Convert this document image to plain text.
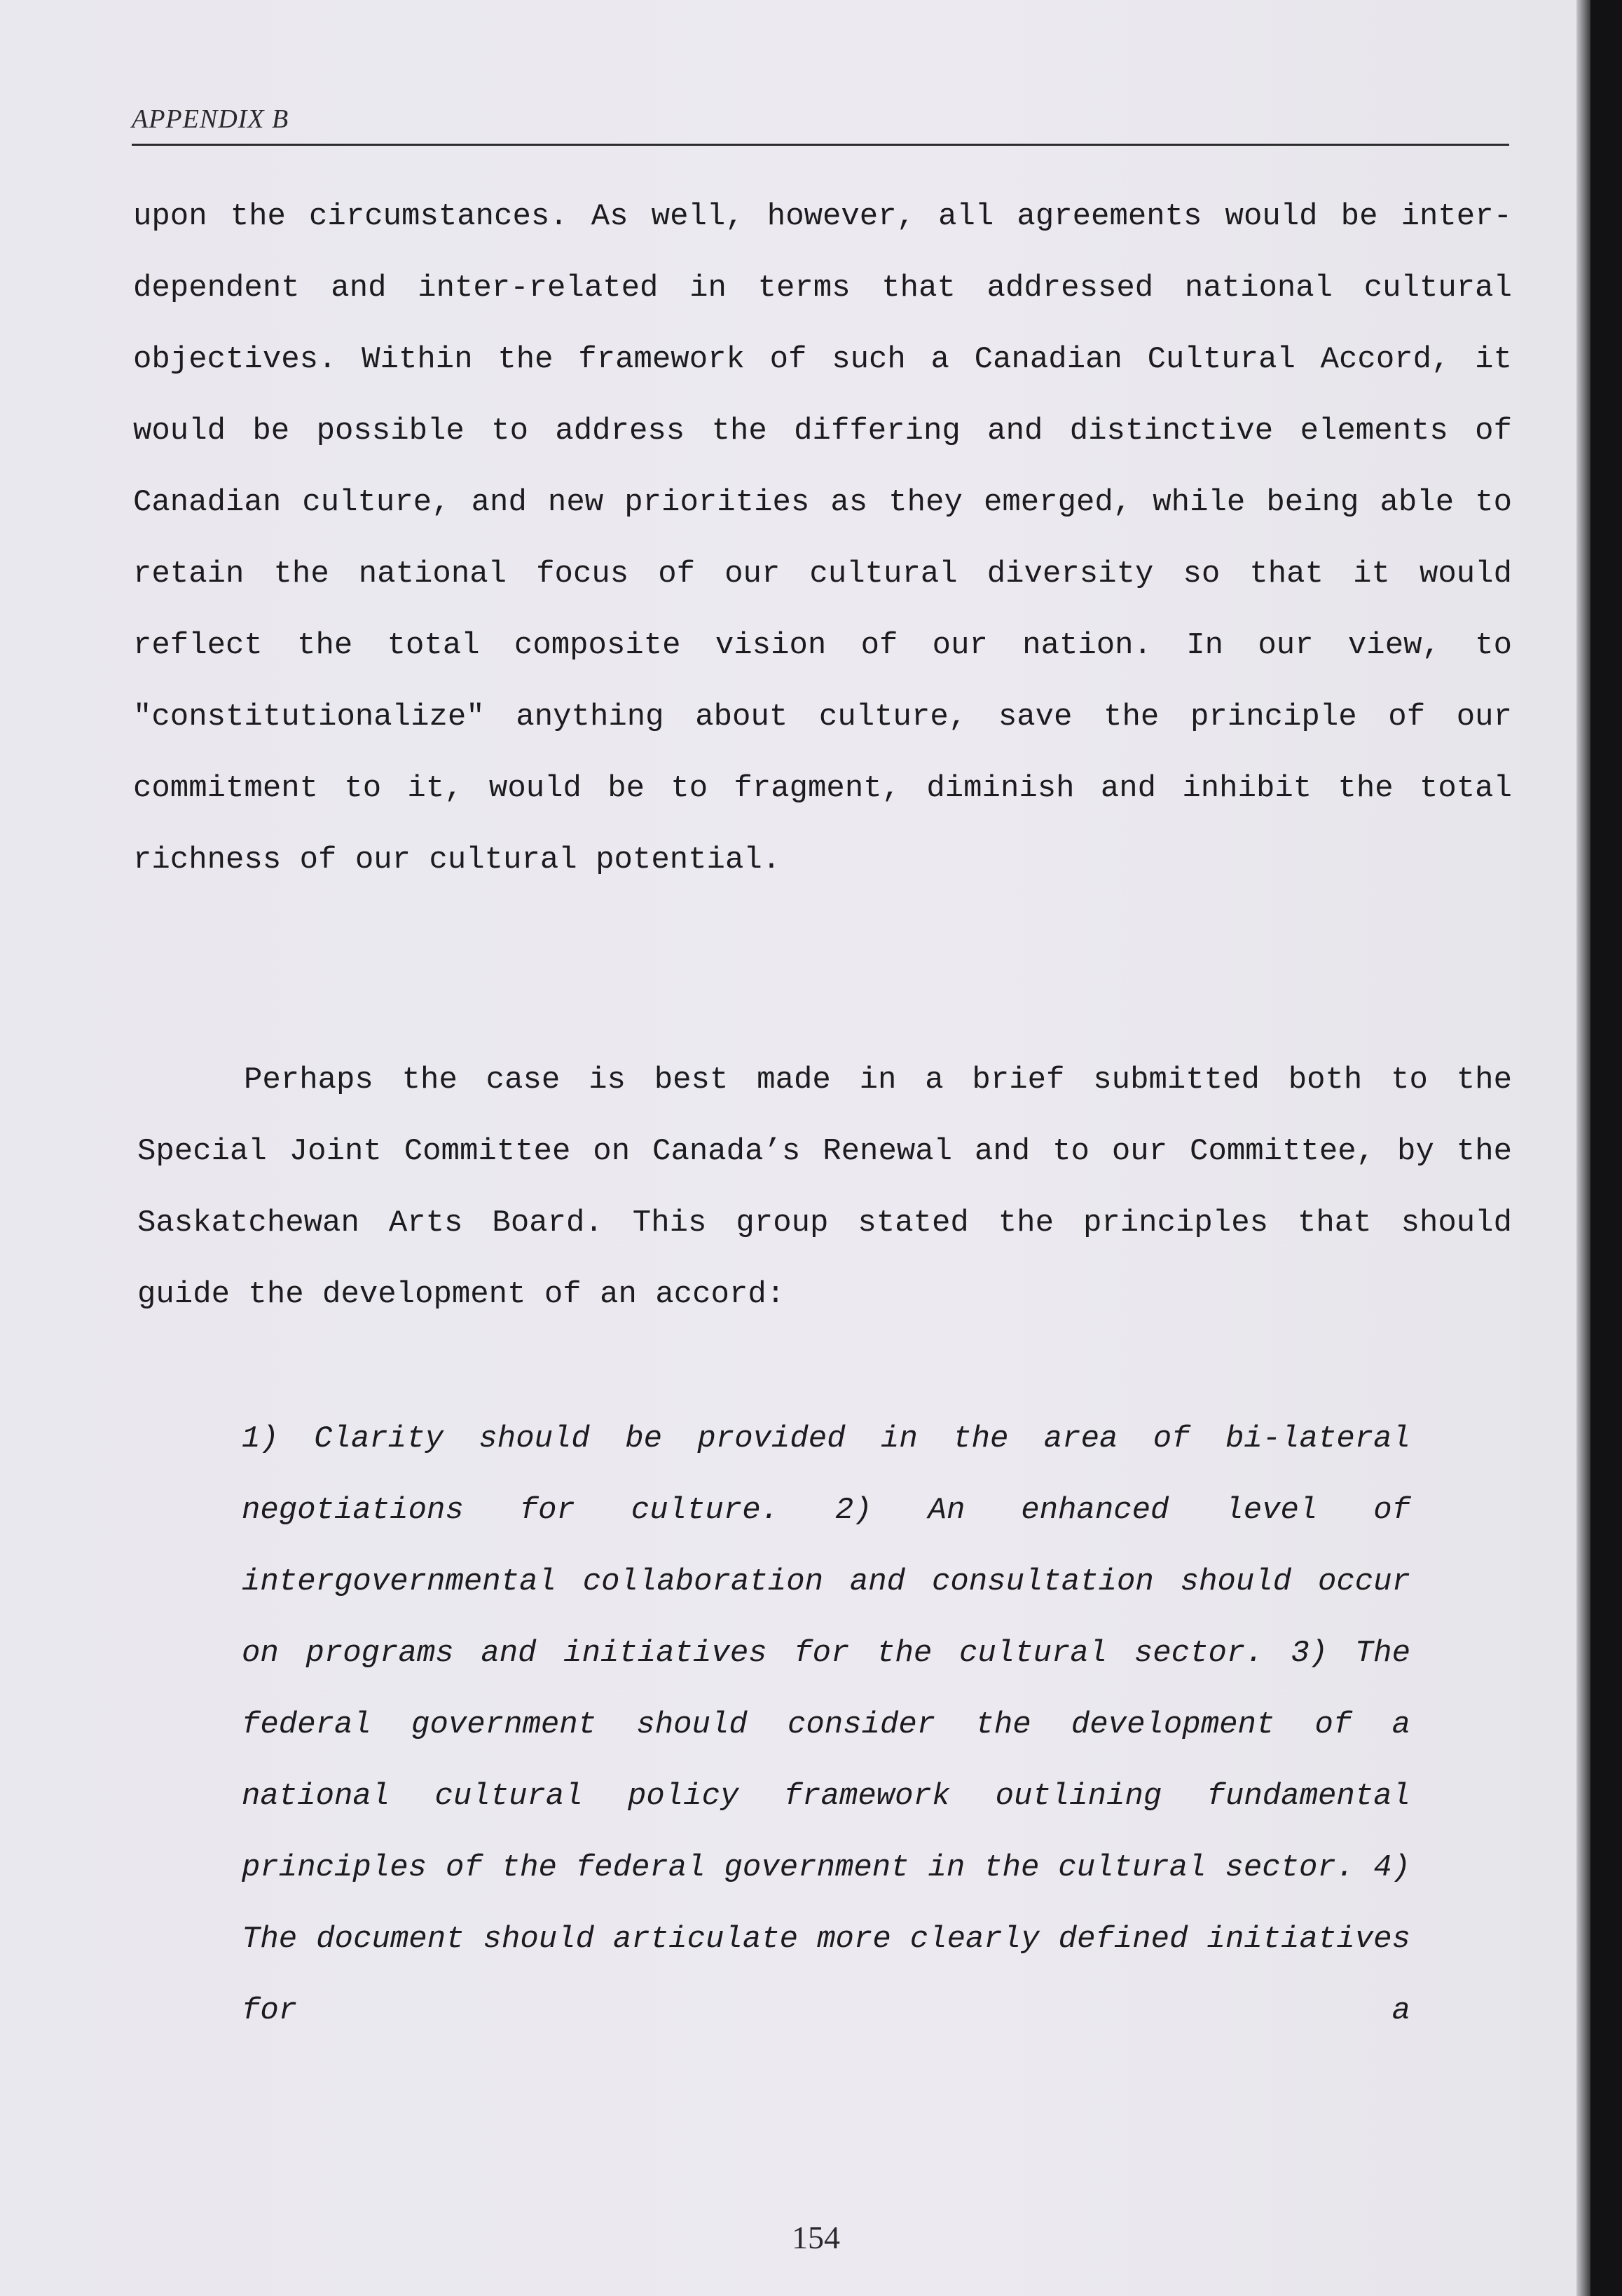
APPENDIX B

upon the circumstances. As well, however, all agreements would be inter-dependent and inter-related in terms that addressed national cultural objectives. Within the framework of such a Canadian Cultural Accord, it would be possible to address the differing and distinctive elements of Canadian culture, and new priorities as they emerged, while being able to retain the national focus of our cultural diversity so that it would reflect the total composite vision of our nation. In our view, to "constitutionalize" anything about culture, save the principle of our commitment to it, would be to fragment, diminish and inhibit the total richness of our cultural potential.

Perhaps the case is best made in a brief submitted both to the Special Joint Committee on Canada’s Renewal and to our Committee, by the Saskatchewan Arts Board. This group stated the principles that should guide the development of an accord:

1) Clarity should be provided in the area of bi-lateral negotiations for culture. 2) An enhanced level of intergovernmental collaboration and consultation should occur on programs and initiatives for the cultural sector. 3) The federal government should consider the development of a national cultural policy framework outlining fundamental principles of the federal government in the cultural sector. 4) The document should articulate more clearly defined initiatives for a

154
